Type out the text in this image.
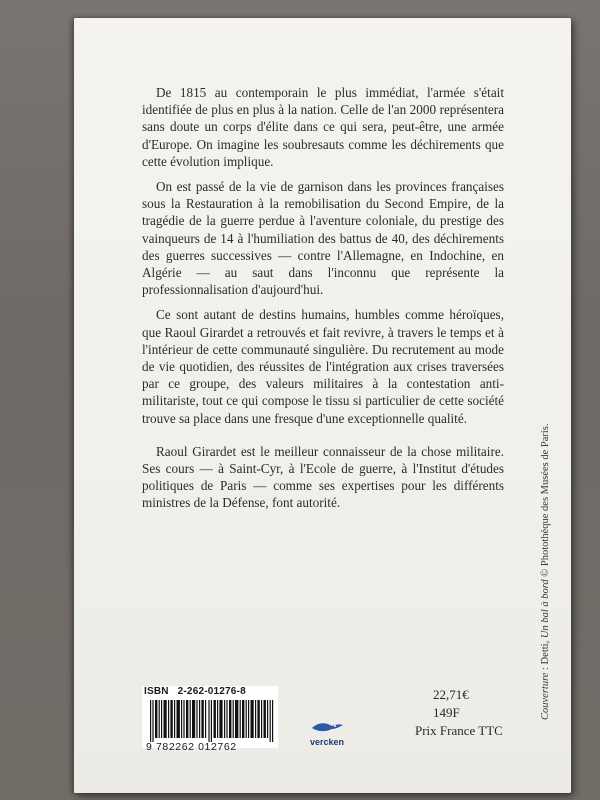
De 1815 au contemporain le plus immédiat, l'armée s'était identifiée de plus en plus à la nation. Celle de l'an 2000 représentera sans doute un corps d'élite dans ce qui sera, peut-être, une armée d'Europe. On imagine les soubresauts comme les déchirements que cette évolution implique.

On est passé de la vie de garnison dans les provinces françaises sous la Restauration à la remobilisation du Second Empire, de la tragédie de la guerre perdue à l'aventure coloniale, du prestige des vainqueurs de 14 à l'humiliation des battus de 40, des déchirements des guerres successives — contre l'Allemagne, en Indochine, en Algérie — au saut dans l'inconnu que représente la professionnalisation d'aujourd'hui.

Ce sont autant de destins humains, humbles comme héroïques, que Raoul Girardet a retrouvés et fait revivre, à travers le temps et à l'intérieur de cette communauté singulière. Du recrutement au mode de vie quotidien, des réussites de l'intégration aux crises traversées par ce groupe, des valeurs militaires à la contestation anti-militariste, tout ce qui compose le tissu si particulier de cette société trouve sa place dans une fresque d'une exceptionnelle qualité.

Raoul Girardet est le meilleur connaisseur de la chose militaire. Ses cours — à Saint-Cyr, à l'Ecole de guerre, à l'Institut d'études politiques de Paris — comme ses expertises pour les différents ministres de la Défense, font autorité.

Couverture : Detti, Un bal à bord © Photothèque des Musées de Paris.
ISBN 2-262-01276-8
9 782262 012762	vercken
22,71€
149F
Prix France TTC
